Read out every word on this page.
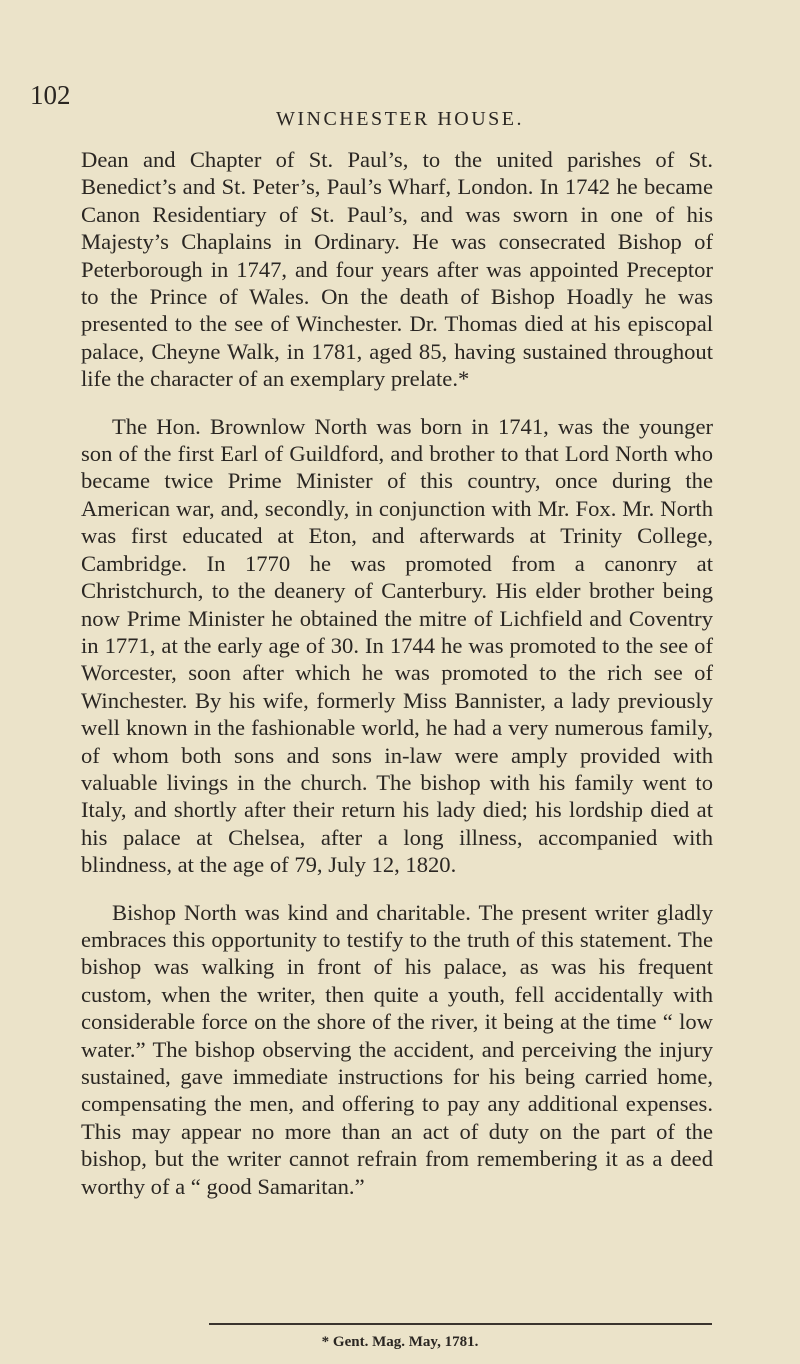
102
WINCHESTER HOUSE.

Dean and Chapter of St. Paul’s, to the united parishes of St. Benedict’s and St. Peter’s, Paul’s Wharf, London. In 1742 he became Canon Residentiary of St. Paul’s, and was sworn in one of his Majesty’s Chaplains in Ordinary. He was consecrated Bishop of Peterborough in 1747, and four years after was appointed Preceptor to the Prince of Wales. On the death of Bishop Hoadly he was presented to the see of Winchester. Dr. Thomas died at his episcopal palace, Cheyne Walk, in 1781, aged 85, having sustained throughout life the character of an exemplary prelate.*

The Hon. Brownlow North was born in 1741, was the younger son of the first Earl of Guildford, and brother to that Lord North who became twice Prime Minister of this country, once during the American war, and, secondly, in conjunction with Mr. Fox. Mr. North was first educated at Eton, and afterwards at Trinity College, Cambridge. In 1770 he was promoted from a canonry at Christchurch, to the deanery of Canterbury. His elder brother being now Prime Minister he obtained the mitre of Lichfield and Coventry in 1771, at the early age of 30. In 1744 he was promoted to the see of Worcester, soon after which he was promoted to the rich see of Winchester. By his wife, formerly Miss Bannister, a lady previously well known in the fashionable world, he had a very numerous family, of whom both sons and sons in-law were amply provided with valuable livings in the church. The bishop with his family went to Italy, and shortly after their return his lady died; his lordship died at his palace at Chelsea, after a long illness, accompanied with blindness, at the age of 79, July 12, 1820.

Bishop North was kind and charitable. The present writer gladly embraces this opportunity to testify to the truth of this statement. The bishop was walking in front of his palace, as was his frequent custom, when the writer, then quite a youth, fell accidentally with considerable force on the shore of the river, it being at the time “ low water.” The bishop observing the accident, and perceiving the injury sustained, gave immediate instructions for his being carried home, compensating the men, and offering to pay any additional expenses. This may appear no more than an act of duty on the part of the bishop, but the writer cannot refrain from remembering it as a deed worthy of a “ good Samaritan.”

* Gent. Mag. May, 1781.
